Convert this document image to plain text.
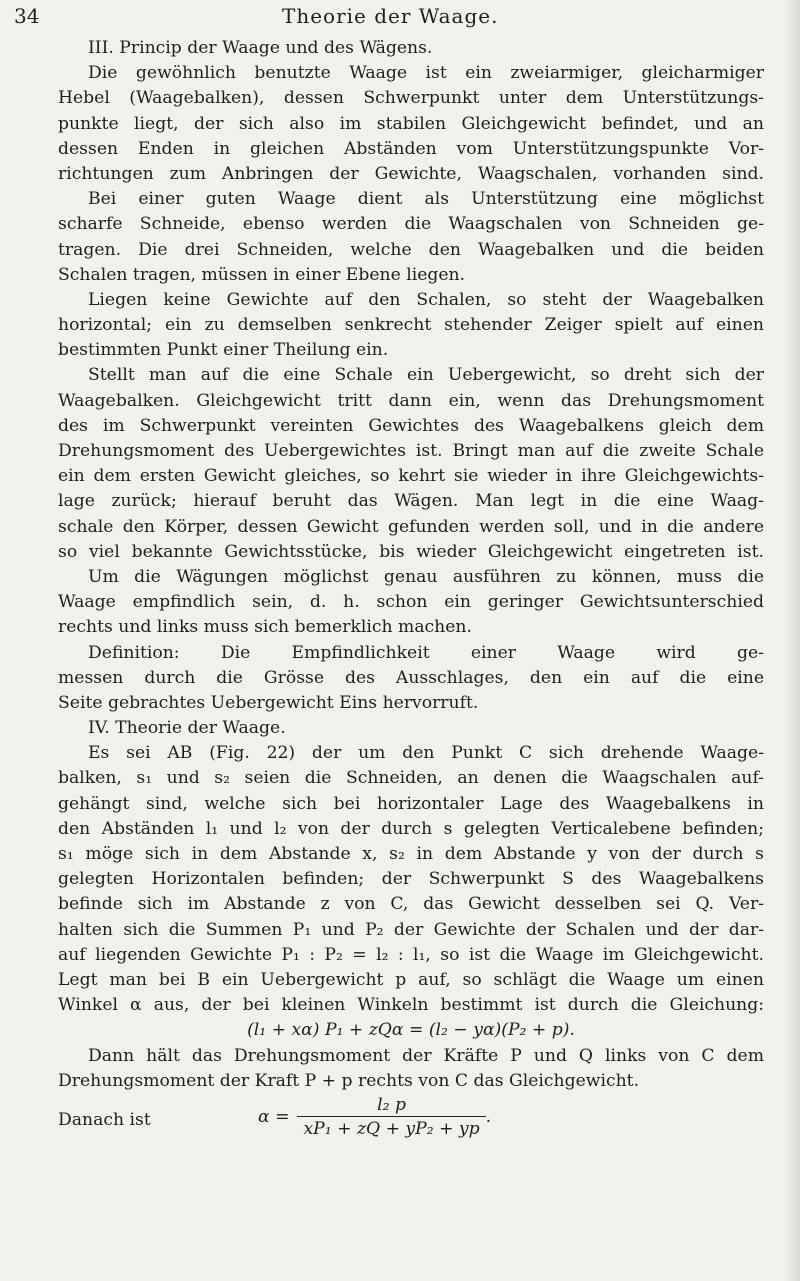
34	Theorie der Waage.
III. Princip der Waage und des Wägens.
Die gewöhnlich benutzte Waage ist ein zweiarmiger, gleicharmiger
Hebel (Waagebalken), dessen Schwerpunkt unter dem Unterstützungs-
punkte liegt, der sich also im stabilen Gleichgewicht befindet, und an
dessen Enden in gleichen Abständen vom Unterstützungspunkte Vor-
richtungen zum Anbringen der Gewichte, Waagschalen, vorhanden sind.
Bei einer guten Waage dient als Unterstützung eine möglichst
scharfe Schneide, ebenso werden die Waagschalen von Schneiden ge-
tragen. Die drei Schneiden, welche den Waagebalken und die beiden
Schalen tragen, müssen in einer Ebene liegen.
Liegen keine Gewichte auf den Schalen, so steht der Waagebalken
horizontal; ein zu demselben senkrecht stehender Zeiger spielt auf einen
bestimmten Punkt einer Theilung ein.
Stellt man auf die eine Schale ein Uebergewicht, so dreht sich der
Waagebalken. Gleichgewicht tritt dann ein, wenn das Drehungsmoment
des im Schwerpunkt vereinten Gewichtes des Waagebalkens gleich dem
Drehungsmoment des Uebergewichtes ist. Bringt man auf die zweite Schale
ein dem ersten Gewicht gleiches, so kehrt sie wieder in ihre Gleichgewichts-
lage zurück; hierauf beruht das Wägen. Man legt in die eine Waag-
schale den Körper, dessen Gewicht gefunden werden soll, und in die andere
so viel bekannte Gewichtsstücke, bis wieder Gleichgewicht eingetreten ist.
Um die Wägungen möglichst genau ausführen zu können, muss die
Waage empfindlich sein, d. h. schon ein geringer Gewichtsunterschied
rechts und links muss sich bemerklich machen.
Definition: Die Empfindlichkeit einer Waage wird ge-
messen durch die Grösse des Ausschlages, den ein auf die eine
Seite gebrachtes Uebergewicht Eins hervorruft.
IV. Theorie der Waage.
Es sei AB (Fig. 22) der um den Punkt C sich drehende Waage-
balken, s₁ und s₂ seien die Schneiden, an denen die Waagschalen auf-
gehängt sind, welche sich bei horizontaler Lage des Waagebalkens in
den Abständen l₁ und l₂ von der durch s gelegten Verticalebene befinden;
s₁ möge sich in dem Abstande x, s₂ in dem Abstande y von der durch s
gelegten Horizontalen befinden; der Schwerpunkt S des Waagebalkens
befinde sich im Abstande z von C, das Gewicht desselben sei Q. Ver-
halten sich die Summen P₁ und P₂ der Gewichte der Schalen und der dar-
auf liegenden Gewichte P₁ : P₂ = l₂ : l₁, so ist die Waage im Gleichgewicht.
Legt man bei B ein Uebergewicht p auf, so schlägt die Waage um einen
Winkel α aus, der bei kleinen Winkeln bestimmt ist durch die Gleichung:
(l₁ + xα) P₁ + zQα = (l₂ − yα)(P₂ + p).
Dann hält das Drehungsmoment der Kräfte P und Q links von C dem
Drehungsmoment der Kraft P + p rechts von C das Gleichgewicht.
Danach ist	$\alpha = \frac{\text{l₂ p}}{\text{xP₁ + zQ + yP₂ + yp}}$ .
